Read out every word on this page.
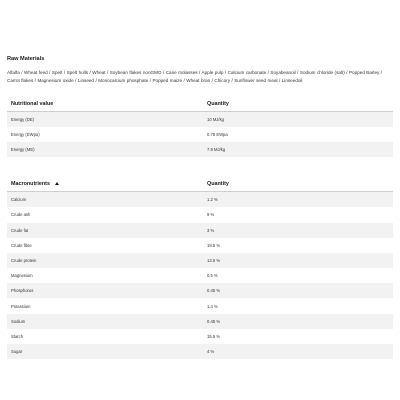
Raw Materials

Alfalfa / Wheat feed / Spelt / Spelt hulls / Wheat / Soybean flakes nonGMO / Cane molasses / Apple pulp / Calcium carbonate / Soyabeanoil / Sodium chloride (salt) / Popped Barley / Carrot flakes / Magnesium oxide / Linseed / Monocalcium phosphate / Popped maize / Wheat bran / Chicory / Sunflower seed meal / Linseedoil

Nutritional value	Quantity
Energy (DE)	10 MJ/kg
Energy (EWpa)	0.78 EWpa
Energy (ME)	7.9 MJ/kg
Macronutrients	Quantity
Calcium	1.2 %
Crude ash	9 %
Crude fat	3 %
Crude fibre	18.5 %
Crude protein	13.5 %
Magnesium	0.5 %
Phosphorus	0.45 %
Potassium	1.4 %
Sodium	0.45 %
Starch	15.5 %
Sugar	4 %
